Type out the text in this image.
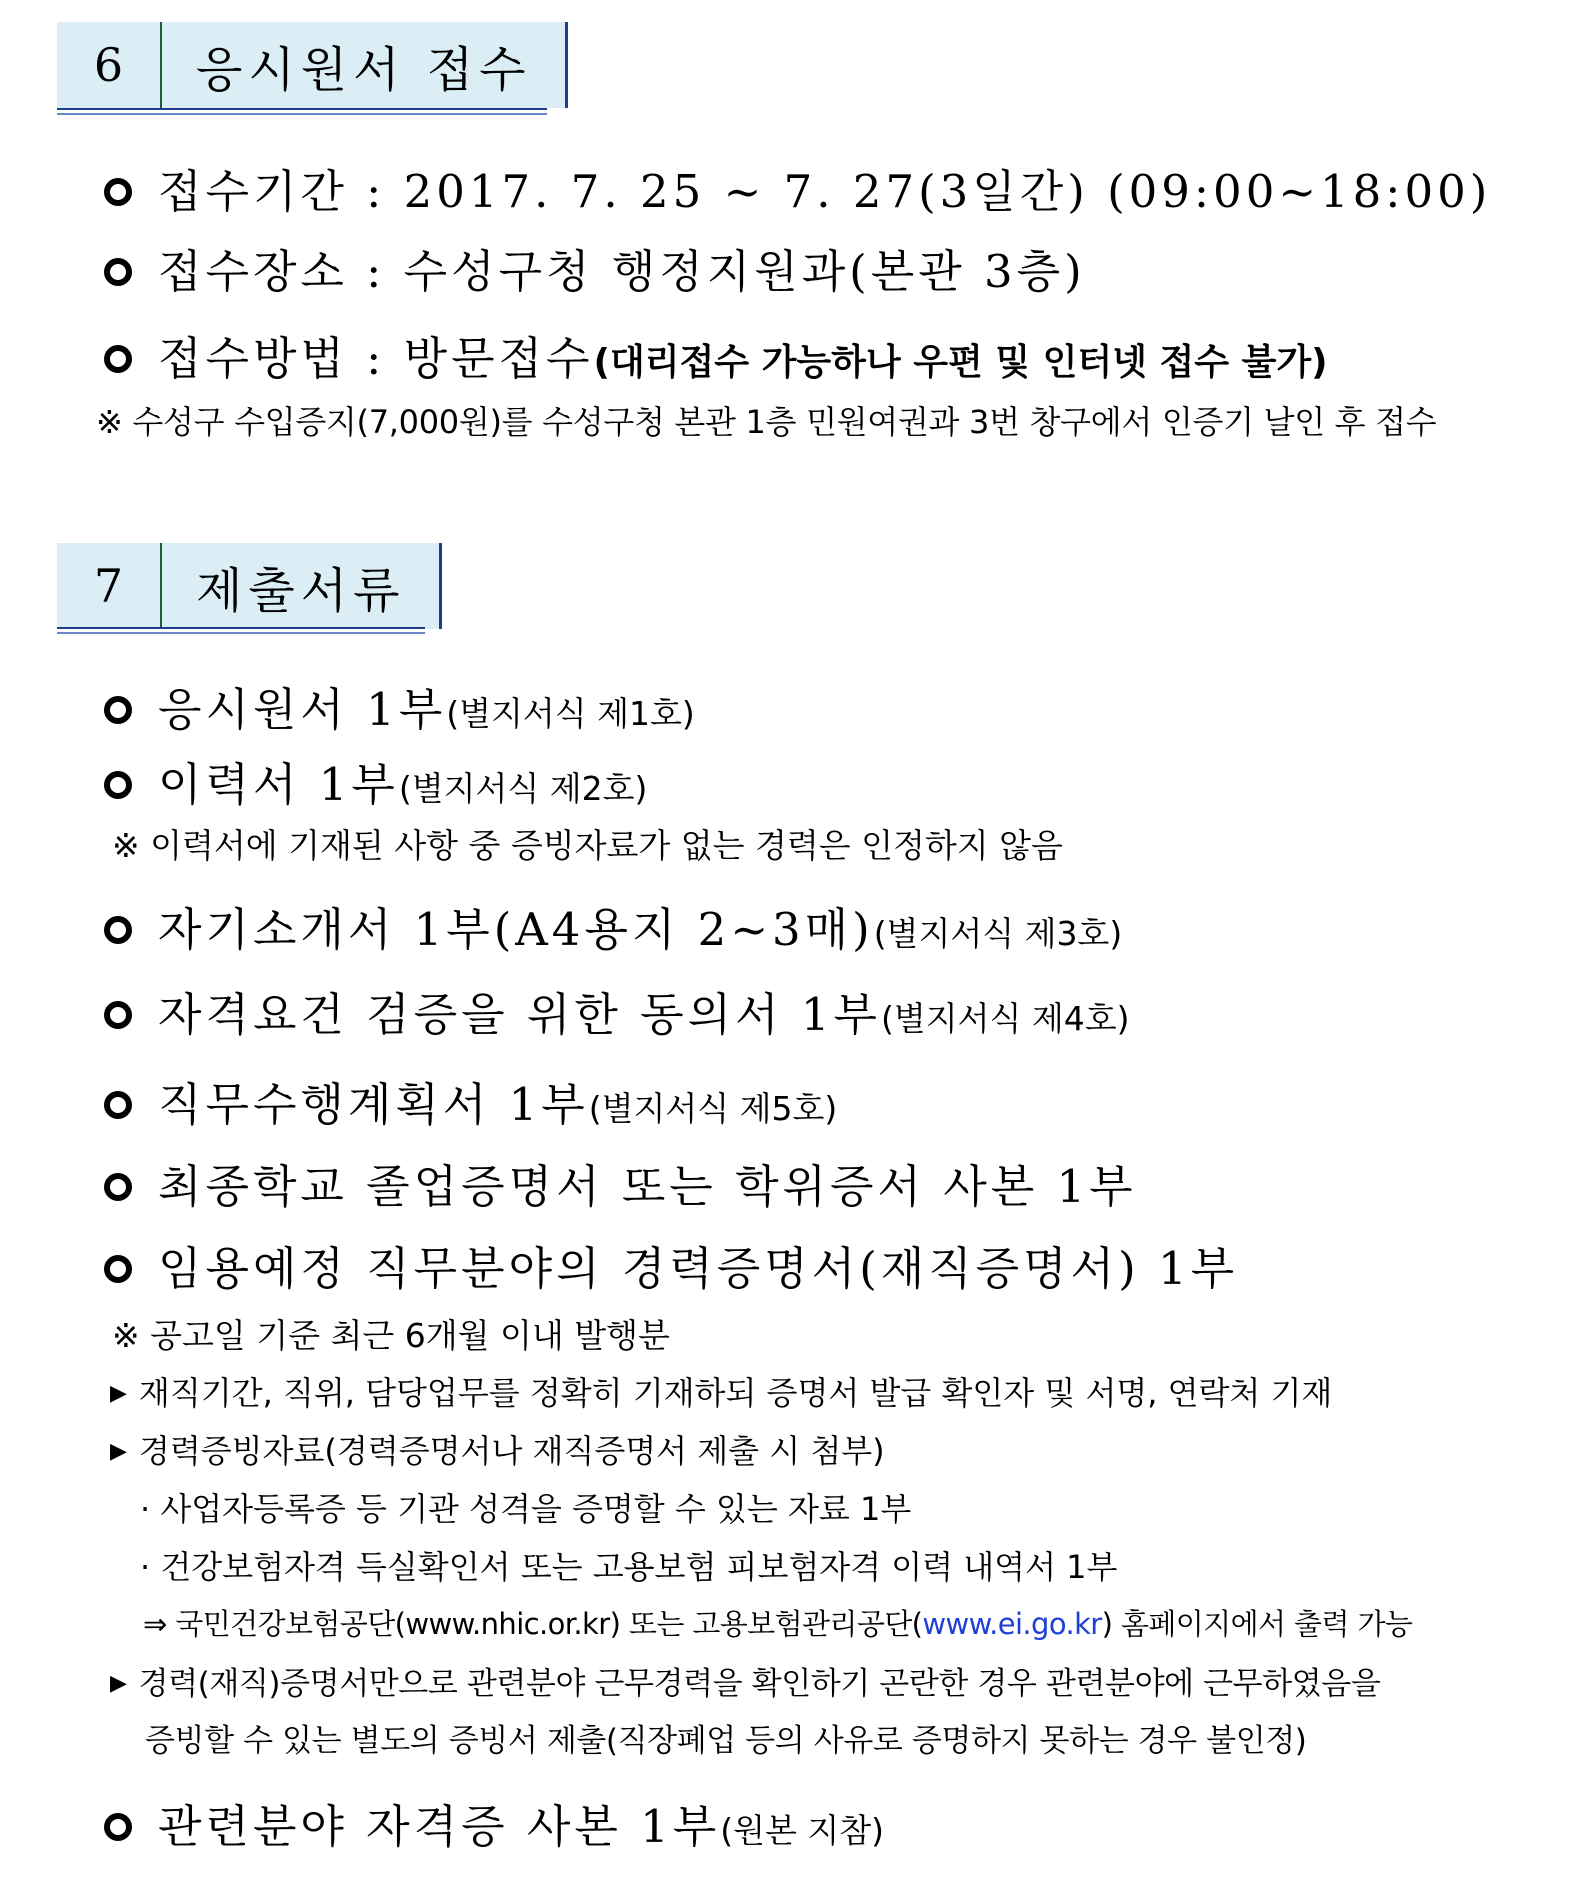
6	응시원서 접수
접수기간 : 2017. 7. 25 ~ 7. 27(3일간) (09:00~18:00)
접수장소 : 수성구청 행정지원과(본관 3층)
접수방법 : 방문접수(대리접수 가능하나 우편 및 인터넷 접수 불가)
※ 수성구 수입증지(7,000원)를 수성구청 본관 1층 민원여권과 3번 창구에서 인증기 날인 후 접수
7	제출서류
응시원서 1부(별지서식 제1호)
이력서 1부(별지서식 제2호)
※ 이력서에 기재된 사항 중 증빙자료가 없는 경력은 인정하지 않음
자기소개서 1부(A4용지 2~3매)(별지서식 제3호)
자격요건 검증을 위한 동의서 1부(별지서식 제4호)
직무수행계획서 1부(별지서식 제5호)
최종학교 졸업증명서 또는 학위증서 사본 1부
임용예정 직무분야의 경력증명서(재직증명서) 1부
※ 공고일 기준 최근 6개월 이내 발행분
▶ 재직기간, 직위, 담당업무를 정확히 기재하되 증명서 발급 확인자 및 서명, 연락처 기재
▶ 경력증빙자료(경력증명서나 재직증명서 제출 시 첨부)
· 사업자등록증 등 기관 성격을 증명할 수 있는 자료 1부
· 건강보험자격 득실확인서 또는 고용보험 피보험자격 이력 내역서 1부
⇒ 국민건강보험공단(www.nhic.or.kr) 또는 고용보험관리공단(www.ei.go.kr) 홈페이지에서 출력 가능
▶ 경력(재직)증명서만으로 관련분야 근무경력을 확인하기 곤란한 경우 관련분야에 근무하였음을
증빙할 수 있는 별도의 증빙서 제출(직장폐업 등의 사유로 증명하지 못하는 경우 불인정)
관련분야 자격증 사본 1부(원본 지참)
